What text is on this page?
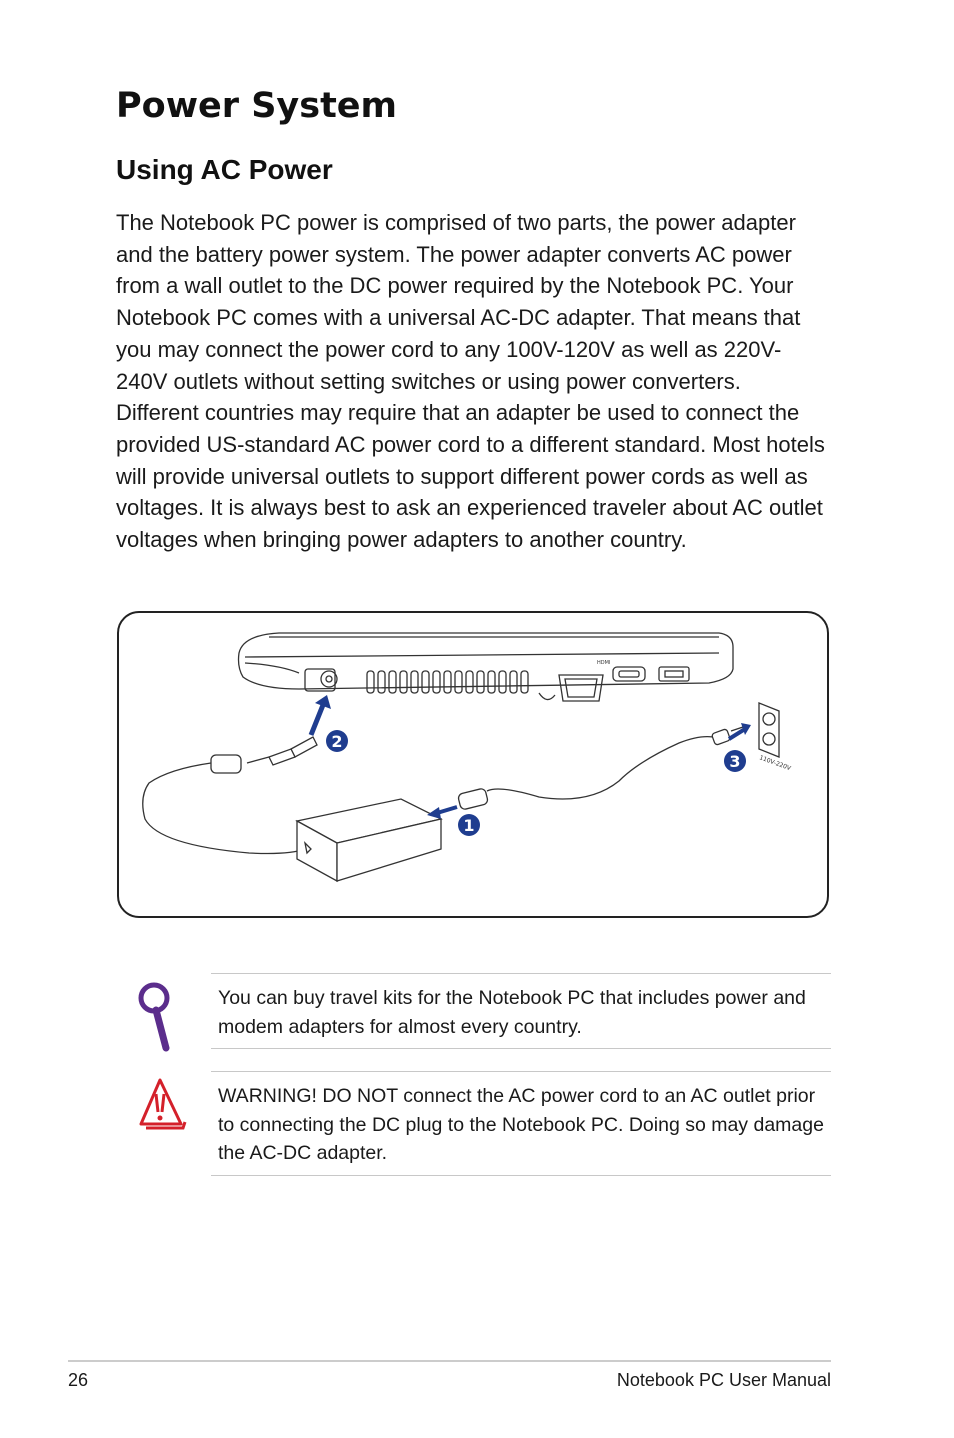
Power System
Using AC Power

The Notebook PC power is comprised of two parts, the power adapter and the battery power system. The power adapter converts AC power from a wall outlet to the DC power required by the Notebook PC. Your Notebook PC comes with a universal AC-DC adapter. That means that you may connect the power cord to any 100V-120V as well as 220V-240V outlets without setting switches or using power converters. Different countries may require that an adapter be used to connect the provided US-standard AC power cord to a different standard. Most hotels will provide universal outlets to support different power cords as well as voltages. It is always best to ask an experienced traveler about AC outlet voltages when bringing power adapters to another country.

HDMI
110V-220V
1
2
3

You can buy travel kits for the Notebook PC that includes power and modem adapters for almost every country.

WARNING! DO NOT connect the AC power cord to an AC outlet prior to connecting the DC plug to the Notebook PC. Doing so may damage the AC-DC adapter.

26	Notebook PC User Manual
